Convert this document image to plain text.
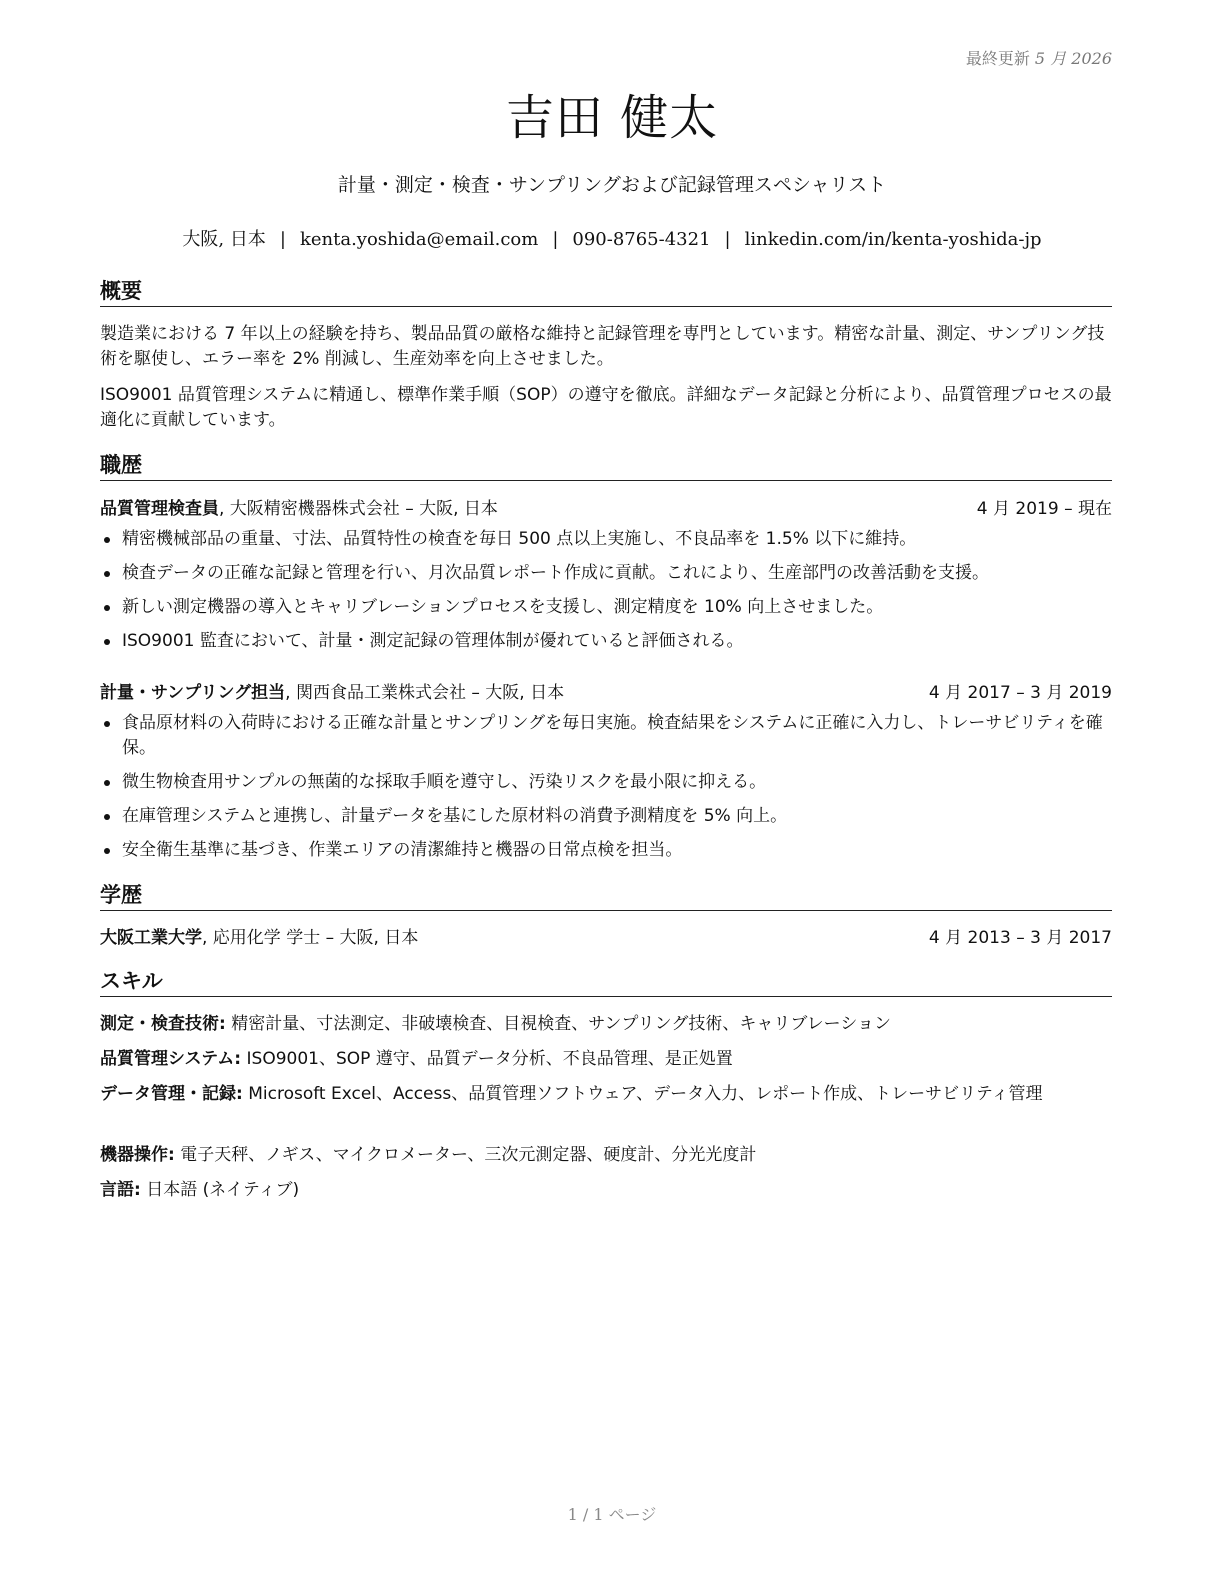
最終更新 5 月 2026
吉田 健太
計量・測定・検査・サンプリングおよび記録管理スペシャリスト
大阪, 日本 | kenta.yoshida@email.com | 090-8765-4321 | linkedin.com/in/kenta-yoshida-jp
概要
製造業における 7 年以上の経験を持ち、製品品質の厳格な維持と記録管理を専門としています。精密な計量、測定、サンプリング技術を駆使し、エラー率を 2% 削減し、生産効率を向上させました。
ISO9001 品質管理システムに精通し、標準作業手順（SOP）の遵守を徹底。詳細なデータ記録と分析により、品質管理プロセスの最適化に貢献しています。
職歴
品質管理検査員, 大阪精密機器株式会社 – 大阪, 日本	4 月 2019 – 現在
精密機械部品の重量、寸法、品質特性の検査を毎日 500 点以上実施し、不良品率を 1.5% 以下に維持。
検査データの正確な記録と管理を行い、月次品質レポート作成に貢献。これにより、生産部門の改善活動を支援。
新しい測定機器の導入とキャリブレーションプロセスを支援し、測定精度を 10% 向上させました。
ISO9001 監査において、計量・測定記録の管理体制が優れていると評価される。
計量・サンプリング担当, 関西食品工業株式会社 – 大阪, 日本	4 月 2017 – 3 月 2019
食品原材料の入荷時における正確な計量とサンプリングを毎日実施。検査結果をシステムに正確に入力し、トレーサビリティを確保。
微生物検査用サンプルの無菌的な採取手順を遵守し、汚染リスクを最小限に抑える。
在庫管理システムと連携し、計量データを基にした原材料の消費予測精度を 5% 向上。
安全衛生基準に基づき、作業エリアの清潔維持と機器の日常点検を担当。
学歴
大阪工業大学, 応用化学 学士 – 大阪, 日本	4 月 2013 – 3 月 2017
スキル
測定・検査技術: 精密計量、寸法測定、非破壊検査、目視検査、サンプリング技術、キャリブレーション
品質管理システム: ISO9001、SOP 遵守、品質データ分析、不良品管理、是正処置
データ管理・記録: Microsoft Excel、Access、品質管理ソフトウェア、データ入力、レポート作成、トレーサビリティ管理
機器操作: 電子天秤、ノギス、マイクロメーター、三次元測定器、硬度計、分光光度計
言語: 日本語 (ネイティブ)
1 / 1 ページ
